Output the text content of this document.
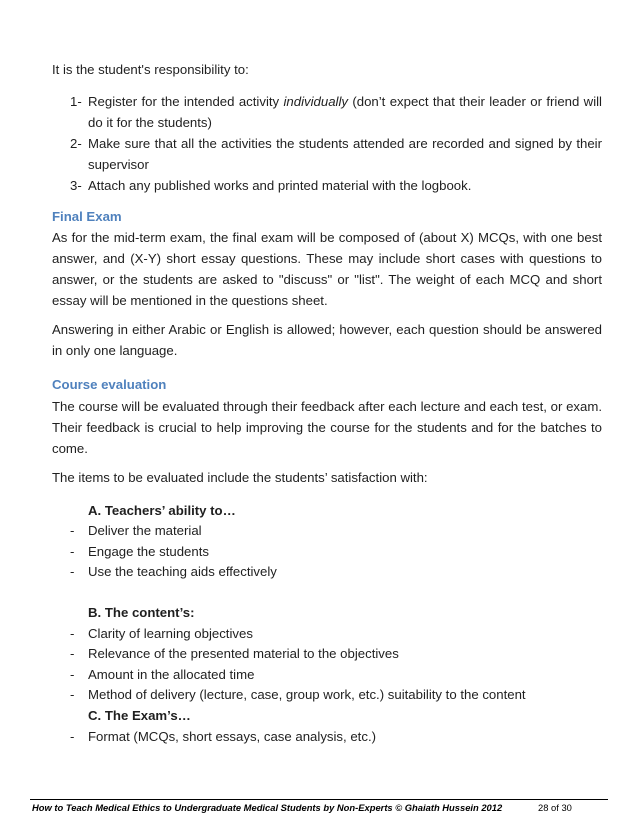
It is the student's responsibility to:

1- Register for the intended activity individually (don’t expect that their leader or friend will do it for the students)
2- Make sure that all the activities the students attended are recorded and signed by their supervisor
3- Attach any published works and printed material with the logbook.

Final Exam

As for the mid-term exam, the final exam will be composed of (about X) MCQs, with one best answer, and (X-Y) short essay questions. These may include short cases with questions to answer, or the students are asked to "discuss" or "list". The weight of each MCQ and short essay will be mentioned in the questions sheet.

Answering in either Arabic or English is allowed; however, each question should be answered in only one language.

Course evaluation

The course will be evaluated through their feedback after each lecture and each test, or exam. Their feedback is crucial to help improving the course for the students and for the batches to come.

The items to be evaluated include the students’ satisfaction with:

A. Teachers’ ability to…
- Deliver the material
- Engage the students
- Use the teaching aids effectively
B. The content’s:
- Clarity of learning objectives
- Relevance of the presented material to the objectives
- Amount in the allocated time
- Method of delivery (lecture, case, group work, etc.) suitability to the content
C. The Exam’s…
- Format (MCQs, short essays, case analysis, etc.)
How to Teach Medical Ethics to Undergraduate Medical Students by Non-Experts © Ghaiath Hussein 2012	28 of 30
